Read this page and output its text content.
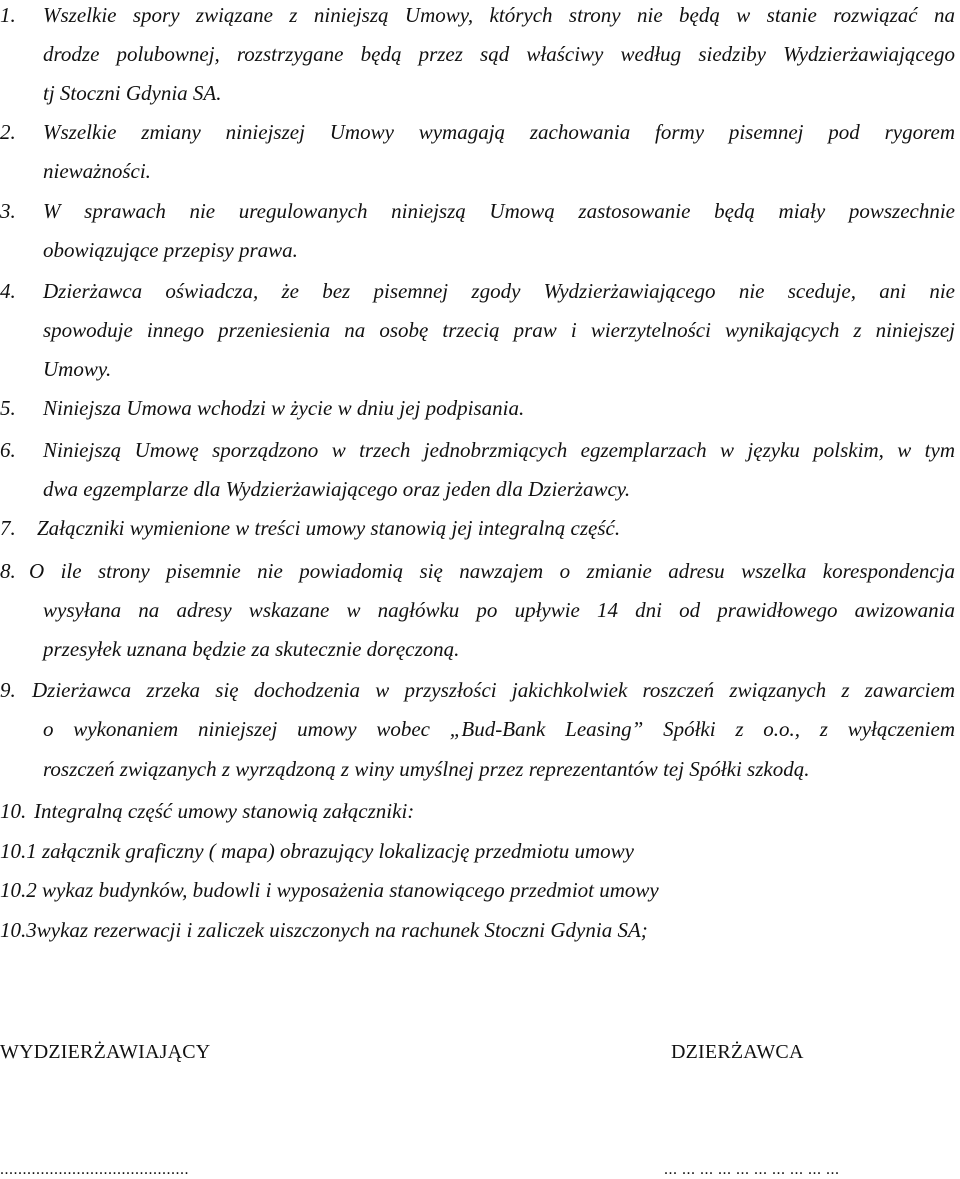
1. Wszelkie spory związane z niniejszą Umowy, których strony nie będą w stanie rozwiązać na
drodze polubownej, rozstrzygane będą przez sąd właściwy według siedziby Wydzierżawiającego
tj Stoczni Gdynia SA.
2. Wszelkie zmiany niniejszej Umowy wymagają zachowania formy pisemnej pod rygorem
nieważności.
3. W sprawach nie uregulowanych niniejszą Umową zastosowanie będą miały powszechnie
obowiązujące przepisy prawa.
4. Dzierżawca oświadcza, że bez pisemnej zgody Wydzierżawiającego nie sceduje, ani nie
spowoduje innego przeniesienia na osobę trzecią praw i wierzytelności wynikających z niniejszej
Umowy.
5. Niniejsza Umowa wchodzi w życie w dniu jej podpisania.
6. Niniejszą Umowę sporządzono w trzech jednobrzmiących egzemplarzach w języku polskim, w tym
dwa egzemplarze dla Wydzierżawiającego oraz jeden dla Dzierżawcy.
7. Załączniki wymienione w treści umowy stanowią jej integralną część.
8. O ile strony pisemnie nie powiadomią się nawzajem o zmianie adresu wszelka korespondencja
wysyłana na adresy wskazane w nagłówku po upływie 14 dni od prawidłowego awizowania
przesyłek uznana będzie za skutecznie doręczoną.
9. Dzierżawca zrzeka się dochodzenia w przyszłości jakichkolwiek roszczeń związanych z zawarciem
o wykonaniem niniejszej umowy wobec „Bud-Bank Leasing” Spółki z o.o., z wyłączeniem
roszczeń związanych z wyrządzoną z winy umyślnej przez reprezentantów tej Spółki szkodą.
10. Integralną część umowy stanowią załączniki:
10.1 załącznik graficzny ( mapa) obrazujący lokalizację przedmiotu umowy
10.2 wykaz budynków, budowli i wyposażenia stanowiącego przedmiot umowy
10.3wykaz rezerwacji i zaliczek uiszczonych na rachunek Stoczni Gdynia SA;
WYDZIERŻAWIAJĄCY	DZIERŻAWCA
..........................................	... ... ... ... ... ... ... ... ... ...
